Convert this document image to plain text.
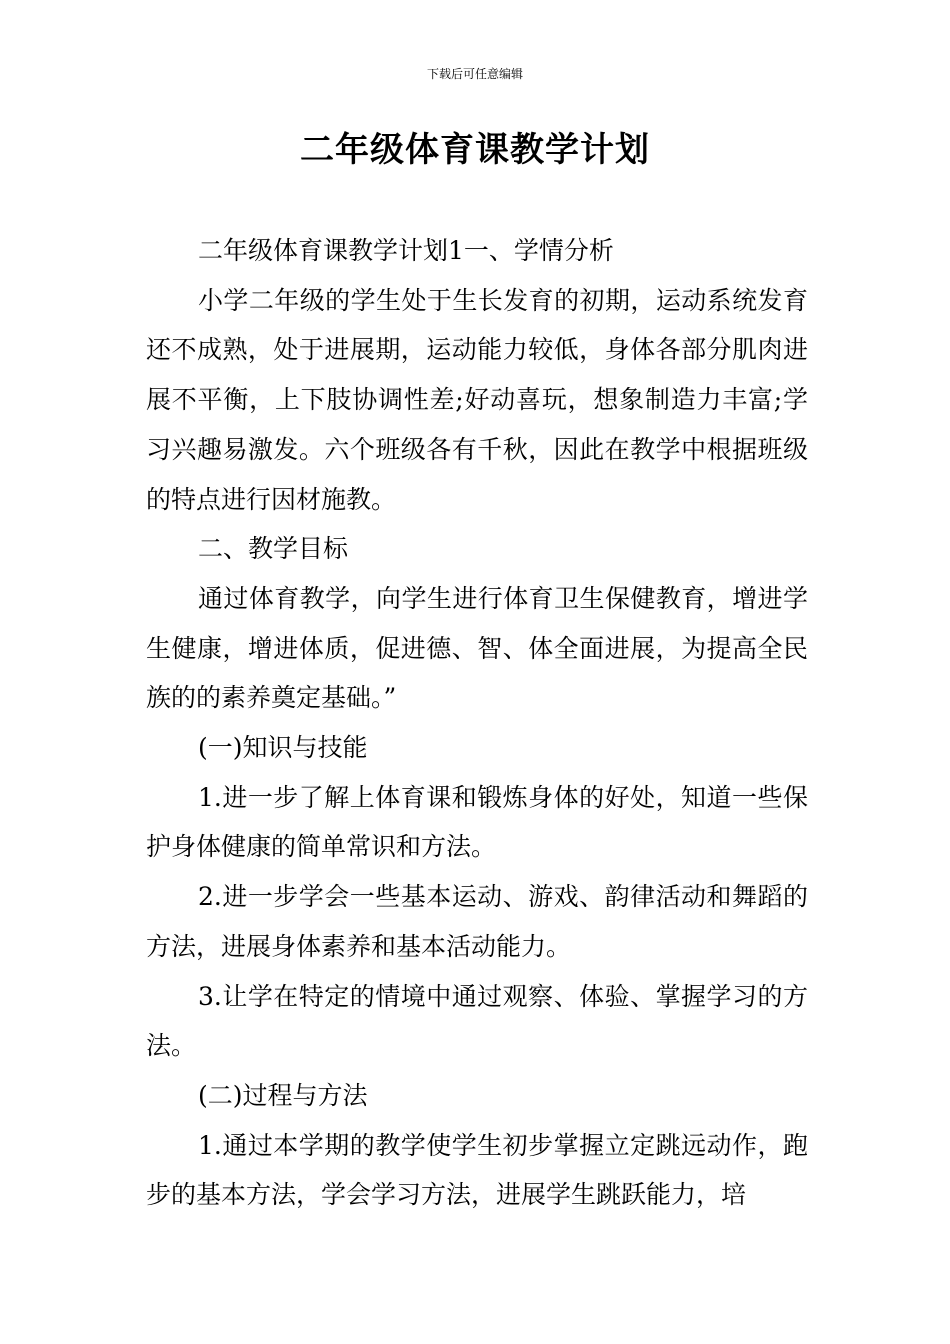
下载后可任意编辑
二年级体育课教学计划

二年级体育课教学计划1一、学情分析

小学二年级的学生处于生长发育的初期，运动系统发育还不成熟，处于进展期，运动能力较低，身体各部分肌肉进展不平衡，上下肢协调性差;好动喜玩，想象制造力丰富;学习兴趣易激发。六个班级各有千秋，因此在教学中根据班级的特点进行因材施教。

二、教学目标

通过体育教学，向学生进行体育卫生保健教育，增进学生健康，增进体质，促进德、智、体全面进展，为提高全民族的的素养奠定基础。”

(一)知识与技能

1.进一步了解上体育课和锻炼身体的好处，知道一些保护身体健康的简单常识和方法。

2.进一步学会一些基本运动、游戏、韵律活动和舞蹈的方法，进展身体素养和基本活动能力。

3.让学在特定的情境中通过观察、体验、掌握学习的方法。

(二)过程与方法

1.通过本学期的教学使学生初步掌握立定跳远动作，跑步的基本方法，学会学习方法，进展学生跳跃能力，培
